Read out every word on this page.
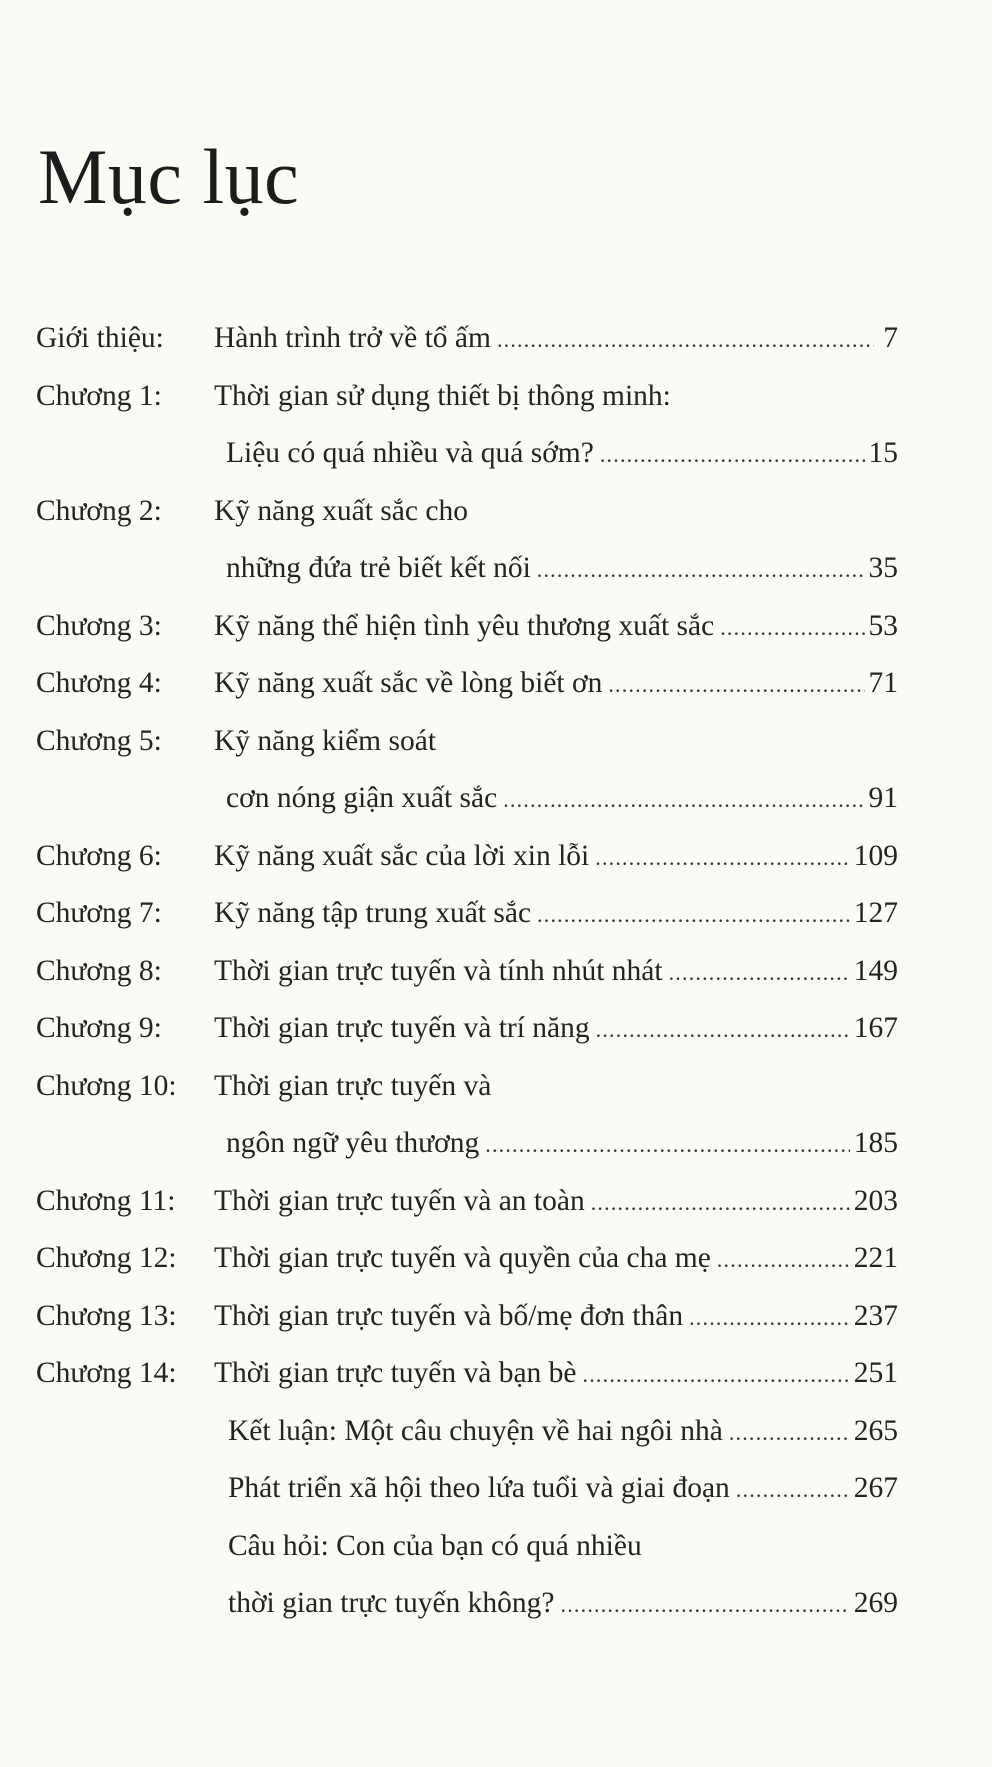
Mục lục
Giới thiệu: Hành trình trở về tổ ấm .....	7
Chương 1: Thời gian sử dụng thiết bị thông minh:
Liệu có quá nhiều và quá sớm? .....	15
Chương 2: Kỹ năng xuất sắc cho
những đứa trẻ biết kết nối .....	35
Chương 3: Kỹ năng thể hiện tình yêu thương xuất sắc .....	53
Chương 4: Kỹ năng xuất sắc về lòng biết ơn .....	71
Chương 5: Kỹ năng kiểm soát
cơn nóng giận xuất sắc .....	91
Chương 6: Kỹ năng xuất sắc của lời xin lỗi .....	109
Chương 7: Kỹ năng tập trung xuất sắc .....	127
Chương 8: Thời gian trực tuyến và tính nhút nhát .....	149
Chương 9: Thời gian trực tuyến và trí năng .....	167
Chương 10: Thời gian trực tuyến và
ngôn ngữ yêu thương .....	185
Chương 11: Thời gian trực tuyến và an toàn .....	203
Chương 12: Thời gian trực tuyến và quyền của cha mẹ .....	221
Chương 13: Thời gian trực tuyến và bố/mẹ đơn thân .....	237
Chương 14: Thời gian trực tuyến và bạn bè .....	251
Kết luận: Một câu chuyện về hai ngôi nhà .....	265
Phát triển xã hội theo lứa tuổi và giai đoạn .....	267
Câu hỏi: Con của bạn có quá nhiều
thời gian trực tuyến không? .....	269
